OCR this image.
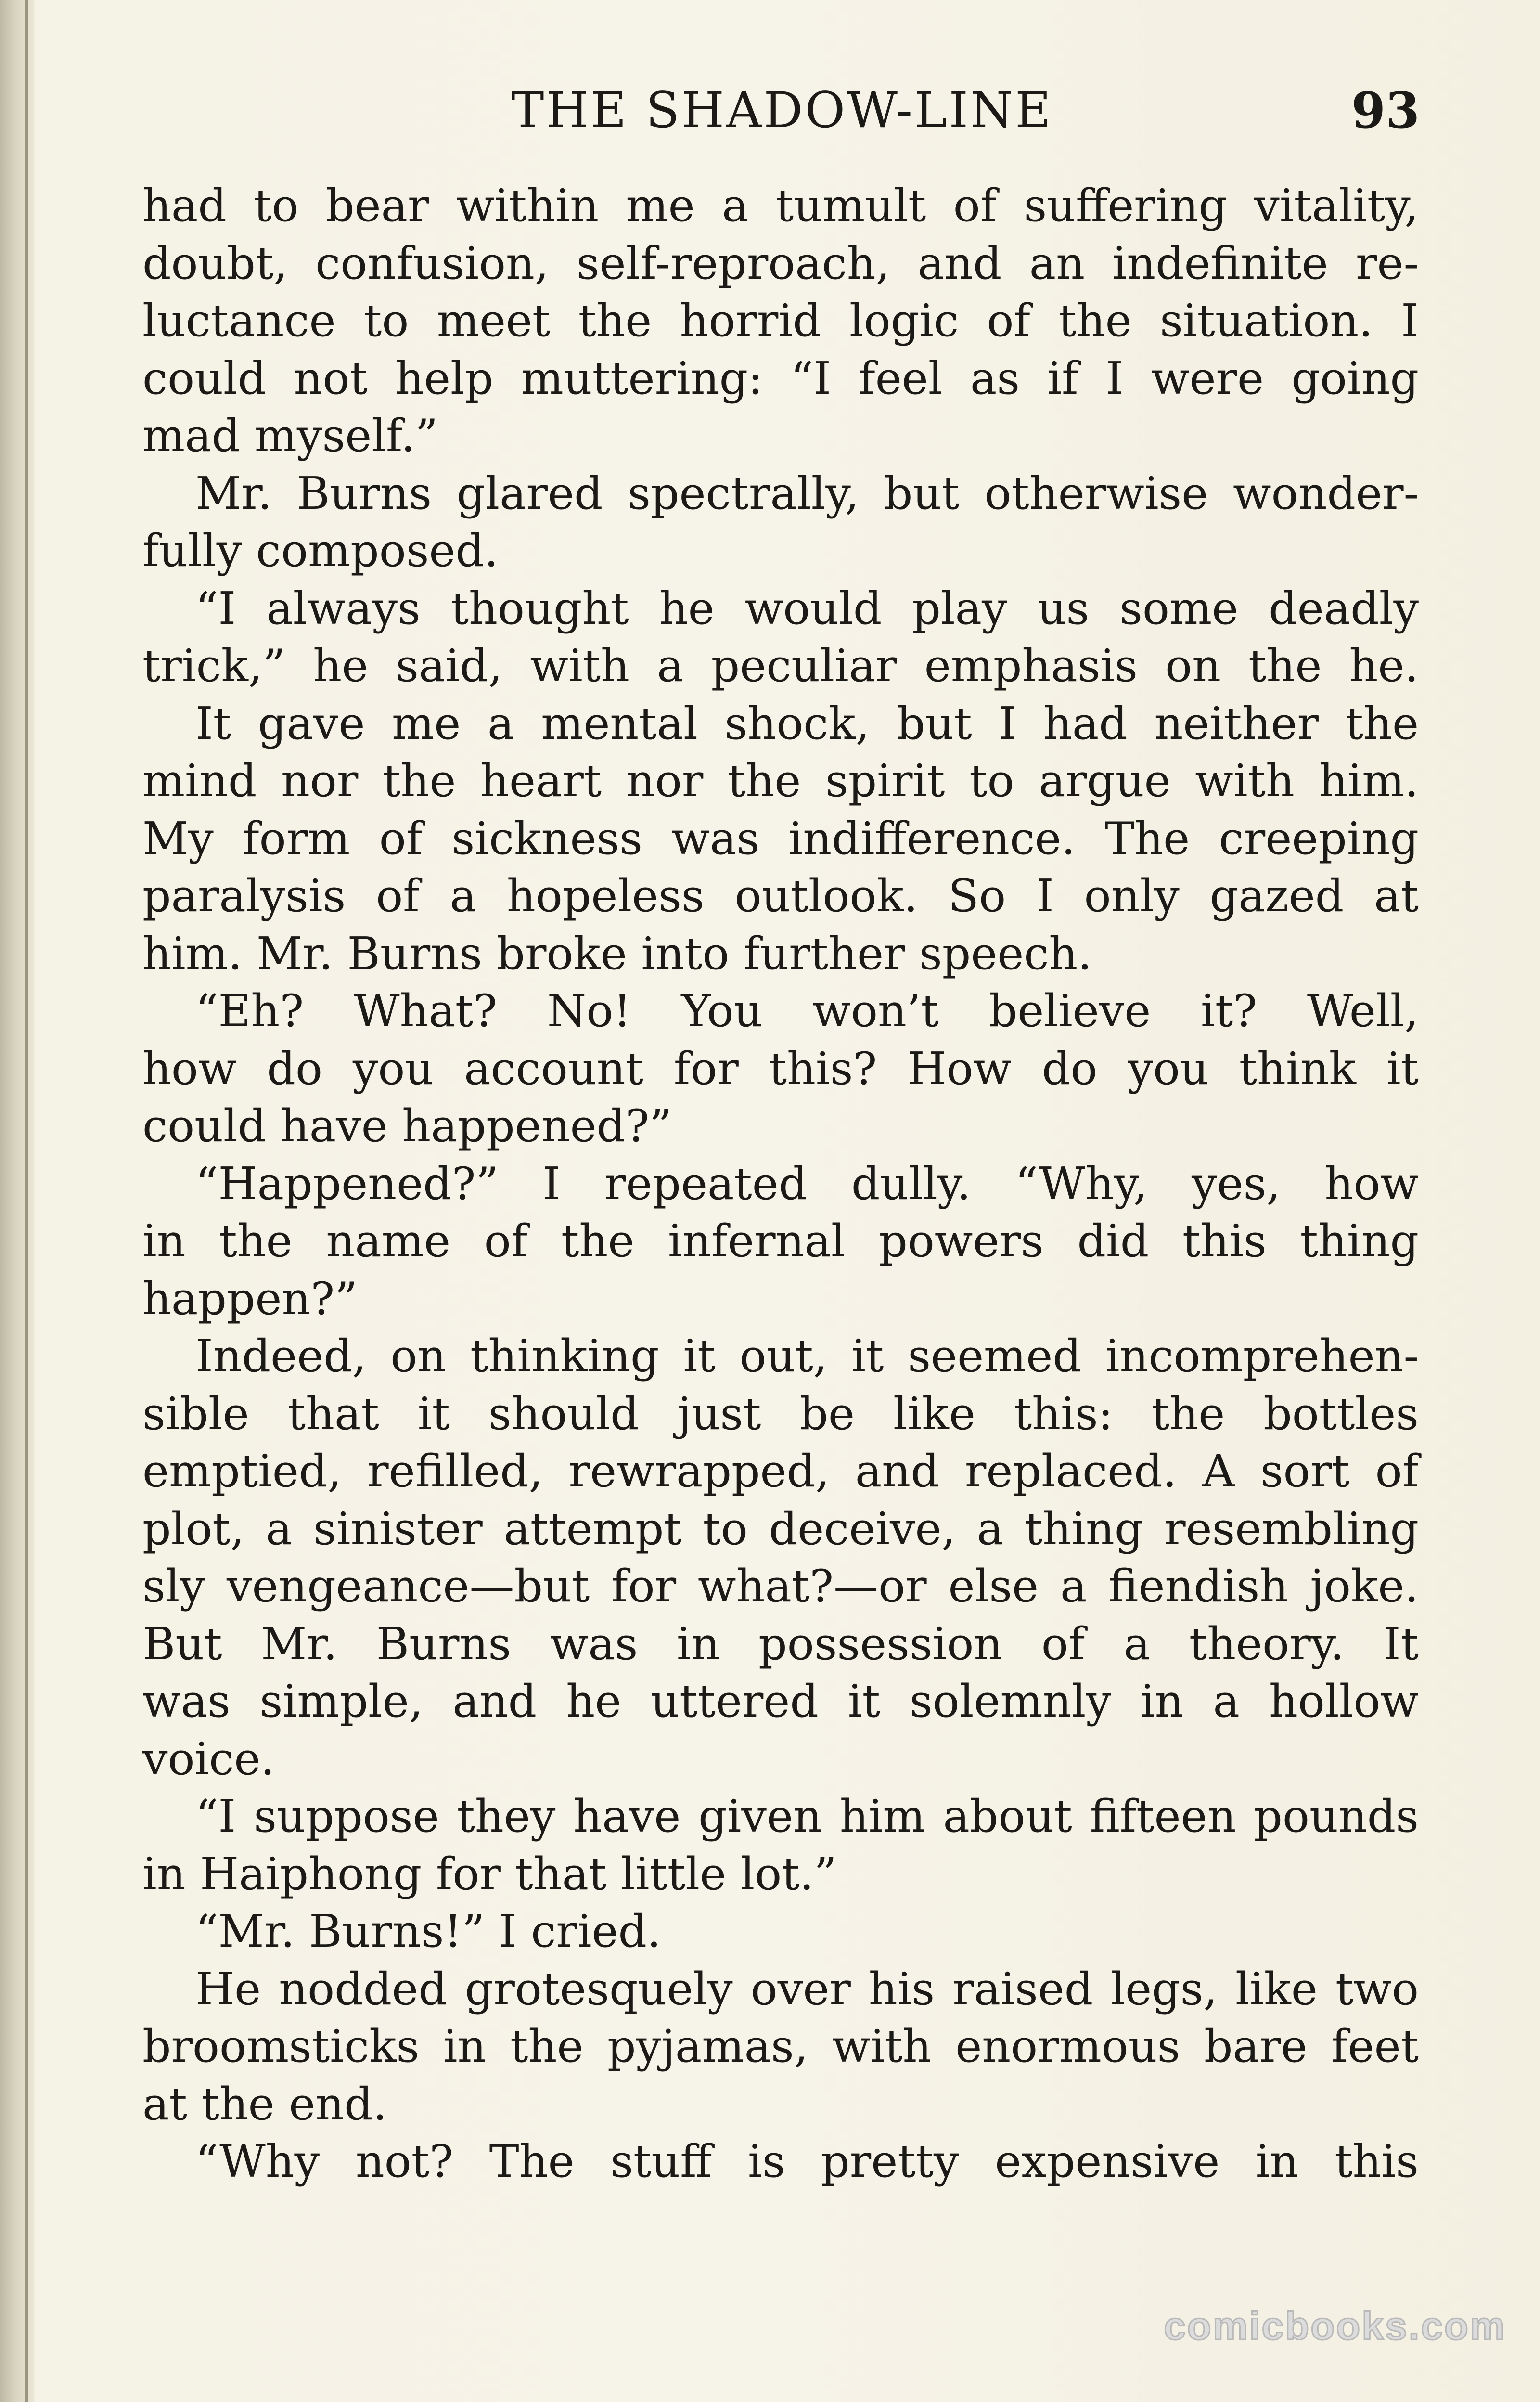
THE SHADOW-LINE	93
had to bear within me a tumult of suffering vitality,
doubt, confusion, self-reproach, and an indefinite re-
luctance to meet the horrid logic of the situation. I
could not help muttering: “I feel as if I were going
mad myself.”
Mr. Burns glared spectrally, but otherwise wonder-
fully composed.
“I always thought he would play us some deadly
trick,” he said, with a peculiar emphasis on the he.
It gave me a mental shock, but I had neither the
mind nor the heart nor the spirit to argue with him.
My form of sickness was indifference. The creeping
paralysis of a hopeless outlook. So I only gazed at
him. Mr. Burns broke into further speech.
“Eh? What? No! You won’t believe it? Well,
how do you account for this? How do you think it
could have happened?”
“Happened?” I repeated dully. “Why, yes, how
in the name of the infernal powers did this thing
happen?”
Indeed, on thinking it out, it seemed incomprehen-
sible that it should just be like this: the bottles
emptied, refilled, rewrapped, and replaced. A sort of
plot, a sinister attempt to deceive, a thing resembling
sly vengeance—but for what?—or else a fiendish joke.
But Mr. Burns was in possession of a theory. It
was simple, and he uttered it solemnly in a hollow
voice.
“I suppose they have given him about fifteen pounds
in Haiphong for that little lot.”
“Mr. Burns!” I cried.
He nodded grotesquely over his raised legs, like two
broomsticks in the pyjamas, with enormous bare feet
at the end.
“Why not? The stuff is pretty expensive in this
comicbooks.com
